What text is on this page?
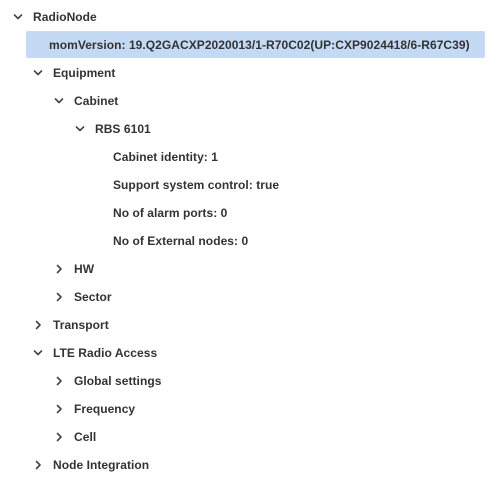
RadioNode
momVersion: 19.Q2GACXP2020013/1-R70C02(UP:CXP9024418/6-R67C39)
Equipment
Cabinet
RBS 6101
Cabinet identity: 1
Support system control: true
No of alarm ports: 0
No of External nodes: 0
HW
Sector
Transport
LTE Radio Access
Global settings
Frequency
Cell
Node Integration
